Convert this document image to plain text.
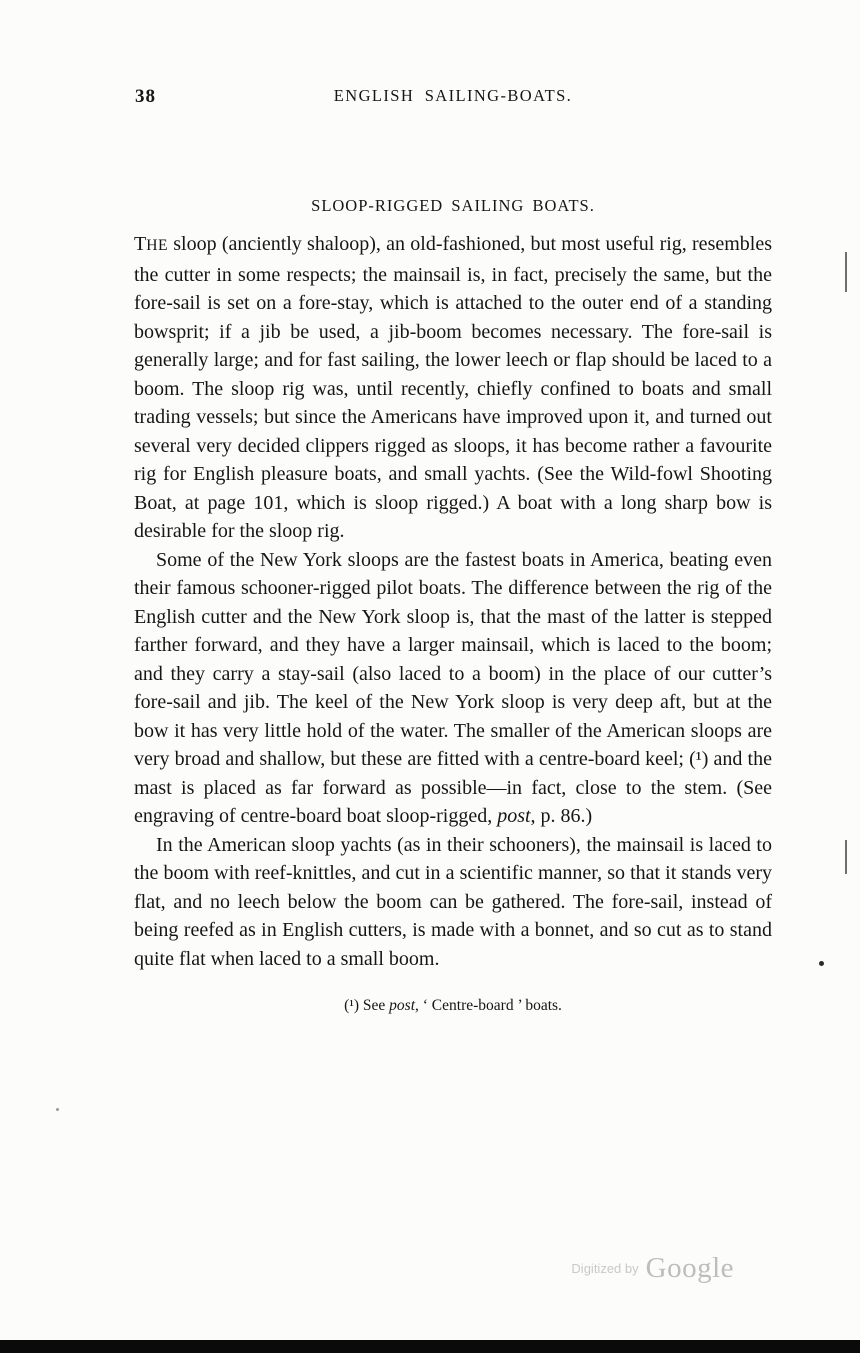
38	ENGLISH SAILING-BOATS.
SLOOP-RIGGED SAILING BOATS.

THE sloop (anciently shaloop), an old-fashioned, but most useful rig, resembles the cutter in some respects; the mainsail is, in fact, precisely the same, but the fore-sail is set on a fore-stay, which is attached to the outer end of a standing bowsprit; if a jib be used, a jib-boom becomes necessary. The fore-sail is generally large; and for fast sailing, the lower leech or flap should be laced to a boom. The sloop rig was, until recently, chiefly confined to boats and small trading vessels; but since the Americans have improved upon it, and turned out several very decided clippers rigged as sloops, it has become rather a favourite rig for English pleasure boats, and small yachts. (See the Wild-fowl Shooting Boat, at page 101, which is sloop rigged.) A boat with a long sharp bow is desirable for the sloop rig.

Some of the New York sloops are the fastest boats in America, beating even their famous schooner-rigged pilot boats. The difference between the rig of the English cutter and the New York sloop is, that the mast of the latter is stepped farther forward, and they have a larger mainsail, which is laced to the boom; and they carry a stay-sail (also laced to a boom) in the place of our cutter’s fore-sail and jib. The keel of the New York sloop is very deep aft, but at the bow it has very little hold of the water. The smaller of the American sloops are very broad and shallow, but these are fitted with a centre-board keel; (¹) and the mast is placed as far forward as possible—in fact, close to the stem. (See engraving of centre-board boat sloop-rigged, post, p. 86.)

In the American sloop yachts (as in their schooners), the mainsail is laced to the boom with reef-knittles, and cut in a scientific manner, so that it stands very flat, and no leech below the boom can be gathered. The fore-sail, instead of being reefed as in English cutters, is made with a bonnet, and so cut as to stand quite flat when laced to a small boom.

(¹) See post, ‘ Centre-board ’ boats.
Digitized by Google
